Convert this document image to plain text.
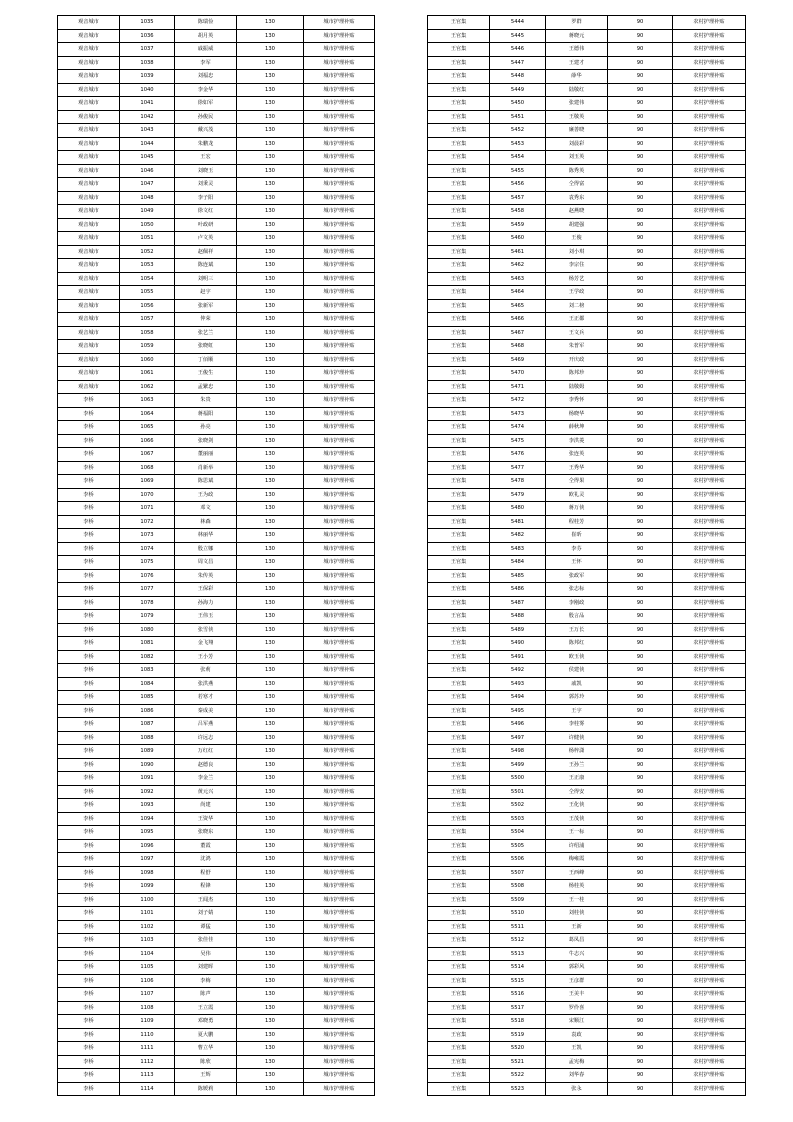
观音城市	1035	陈瑞俭	130	城市护理补贴
观音城市	1036	胡月英	130	城市护理补贴
观音城市	1037	戚振威	130	城市护理补贴
观音城市	1038	李军	130	城市护理补贴
观音城市	1039	刘福忠	130	城市护理补贴
观音城市	1040	李金华	130	城市护理补贴
观音城市	1041	徐如军	130	城市护理补贴
观音城市	1042	孙俊民	130	城市护理补贴
观音城市	1043	戴兴茂	130	城市护理补贴
观音城市	1044	朱鹏龙	130	城市护理补贴
观音城市	1045	王宏	130	城市护理补贴
观音城市	1046	刘晓玉	130	城市护理补贴
观音城市	1047	刘秉灵	130	城市护理补贴
观音城市	1048	李子阳	130	城市护理补贴
观音城市	1049	徐文红	130	城市护理补贴
观音城市	1050	叶政研	130	城市护理补贴
观音城市	1051	卢文英	130	城市护理补贴
观音城市	1052	赵佩祥	130	城市护理补贴
观音城市	1053	陈连斌	130	城市护理补贴
观音城市	1054	刘明三	130	城市护理补贴
观音城市	1055	赵宇	130	城市护理补贴
观音城市	1056	张新军	130	城市护理补贴
观音城市	1057	仲荣	130	城市护理补贴
观音城市	1058	张艺兰	130	城市护理补贴
观音城市	1059	张晓虹	130	城市护理补贴
观音城市	1060	丁佰顺	130	城市护理补贴
观音城市	1061	王俊生	130	城市护理补贴
观音城市	1062	孟繁忠	130	城市护理补贴
李桥	1063	朱贵	130	城市护理补贴
李桥	1064	蒋福阳	130	城市护理补贴
李桥	1065	孙亮	130	城市护理补贴
李桥	1066	张晓剑	130	城市护理补贴
李桥	1067	董丽丽	130	城市护理补贴
李桥	1068	肖新举	130	城市护理补贴
李桥	1069	陈思斌	130	城市护理补贴
李桥	1070	王为政	130	城市护理补贴
李桥	1071	邓文	130	城市护理补贴
李桥	1072	林森	130	城市护理补贴
李桥	1073	林丽华	130	城市护理补贴
李桥	1074	殷立娜	130	城市护理补贴
李桥	1075	周文昌	130	城市护理补贴
李桥	1076	朱传英	130	城市护理补贴
李桥	1077	王保彩	130	城市护理补贴
李桥	1078	孙海力	130	城市护理补贴
李桥	1079	王伟玉	130	城市护理补贴
李桥	1080	张雪侠	130	城市护理补贴
李桥	1081	金飞翔	130	城市护理补贴
李桥	1082	王小芳	130	城市护理补贴
李桥	1083	张莉	130	城市护理补贴
李桥	1084	张洪燕	130	城市护理补贴
李桥	1085	若寒才	130	城市护理补贴
李桥	1086	秦成美	130	城市护理补贴
李桥	1087	吕军燕	130	城市护理补贴
李桥	1088	许远志	130	城市护理补贴
李桥	1089	万红红	130	城市护理补贴
李桥	1090	赵德良	130	城市护理补贴
李桥	1091	李金兰	130	城市护理补贴
李桥	1092	黄元兴	130	城市护理补贴
李桥	1093	尚建	130	城市护理补贴
李桥	1094	王资华	130	城市护理补贴
李桥	1095	张晓东	130	城市护理补贴
李桥	1096	董霞	130	城市护理补贴
李桥	1097	沈鸿	130	城市护理补贴
李桥	1098	程舒	130	城市护理补贴
李桥	1099	程锋	130	城市护理补贴
李桥	1100	王闻杰	130	城市护理补贴
李桥	1101	刘子婧	130	城市护理补贴
李桥	1102	谭猛	130	城市护理补贴
李桥	1103	张佳佳	130	城市护理补贴
李桥	1104	吴伟	130	城市护理补贴
李桥	1105	刘建晖	130	城市护理补贴
李桥	1106	李梅	130	城市护理补贴
李桥	1107	陈声	130	城市护理补贴
李桥	1108	王立霞	130	城市护理补贴
李桥	1109	邓晓勇	130	城市护理补贴
李桥	1110	夏大鹏	130	城市护理补贴
李桥	1111	曹立华	130	城市护理补贴
李桥	1112	陈欣	130	城市护理补贴
李桥	1113	王辉	130	城市护理补贴
李桥	1114	陈媛莉	130	城市护理补贴
王官集	5444	罗群	90	农村护理补贴
王官集	5445	蒋晓元	90	农村护理补贴
王官集	5446	王德伟	90	农村护理补贴
王官集	5447	王建才	90	农村护理补贴
王官集	5448	薛华	90	农村护理补贴
王官集	5449	陆敬红	90	农村护理补贴
王官集	5450	张建伟	90	农村护理补贴
王官集	5451	王敬英	90	农村护理补贴
王官集	5452	廉善晓	90	农村护理补贴
王官集	5453	刘晨彩	90	农村护理补贴
王官集	5454	刘玉英	90	农村护理补贴
王官集	5455	陈秀英	90	农村护理补贴
王官集	5456	仝得富	90	农村护理补贴
王官集	5457	袁秀东	90	农村护理补贴
王官集	5458	赵燕晓	90	农村护理补贴
王官集	5459	胡建强	90	农村护理补贴
王官集	5460	王俊	90	农村护理补贴
王官集	5461	刘小琪	90	农村护理补贴
王官集	5462	李宗住	90	农村护理补贴
王官集	5463	杨芳艺	90	农村护理补贴
王官集	5464	王学政	90	农村护理补贴
王官集	5465	刘二榜	90	农村护理补贴
王官集	5466	王正都	90	农村护理补贴
王官集	5467	王文兵	90	农村护理补贴
王官集	5468	朱普军	90	农村护理补贴
王官集	5469	开庆政	90	农村护理补贴
王官集	5470	陈邦珍	90	农村护理补贴
王官集	5471	陆敬姆	90	农村护理补贴
王官集	5472	李秀怀	90	农村护理补贴
王官集	5473	杨晓华	90	农村护理补贴
王官集	5474	薛秋坤	90	农村护理补贴
王官集	5475	李洪菱	90	农村护理补贴
王官集	5476	张连英	90	农村护理补贴
王官集	5477	王秀华	90	农村护理补贴
王官集	5478	仝得果	90	农村护理补贴
王官集	5479	欧礼灵	90	农村护理补贴
王官集	5480	蒋万侠	90	农村护理补贴
王官集	5481	程桂芳	90	农村护理补贴
王官集	5482	崔昕	90	农村护理补贴
王官集	5483	李芬	90	农村护理补贴
王官集	5484	王怀	90	农村护理补贴
王官集	5485	张政军	90	农村护理补贴
王官集	5486	张志标	90	农村护理补贴
王官集	5487	李刚政	90	农村护理补贴
王官集	5488	殷言品	90	农村护理补贴
王官集	5489	王万长	90	农村护理补贴
王官集	5490	陈邦红	90	农村护理补贴
王官集	5491	欧玉侠	90	农村护理补贴
王官集	5492	侯建侠	90	农村护理补贴
王官集	5493	戚凯	90	农村护理补贴
王官集	5494	郭苏玲	90	农村护理补贴
王官集	5495	王宇	90	农村护理补贴
王官集	5496	李桂雾	90	农村护理补贴
王官集	5497	许健侠	90	农村护理补贴
王官集	5498	杨梓潇	90	农村护理补贴
王官集	5499	王孙兰	90	农村护理补贴
王官集	5500	王正康	90	农村护理补贴
王官集	5501	仝得安	90	农村护理补贴
王官集	5502	王化侠	90	农村护理补贴
王官集	5503	王茂侠	90	农村护理补贴
王官集	5504	王一标	90	农村护理补贴
王官集	5505	许绍浦	90	农村护理补贴
王官集	5506	梅雍霞	90	农村护理补贴
王官集	5507	王西峰	90	农村护理补贴
王官集	5508	杨桂英	90	农村护理补贴
王官集	5509	王一桂	90	农村护理补贴
王官集	5510	刘桂侠	90	农村护理补贴
王官集	5511	王新	90	农村护理补贴
王官集	5512	葛凤昌	90	农村护理补贴
王官集	5513	牛志兴	90	农村护理补贴
王官集	5514	郭彩风	90	农村护理补贴
王官集	5515	王彦群	90	农村护理补贴
王官集	5516	王美丰	90	农村护理补贴
王官集	5517	罗伶喜	90	农村护理补贴
王官集	5518	宋顺江	90	农村护理补贴
王官集	5519	袁政	90	农村护理补贴
王官集	5520	王凯	90	农村护理补贴
王官集	5521	孟宪梅	90	农村护理补贴
王官集	5522	刘华春	90	农村护理补贴
王官集	5523	张永	90	农村护理补贴
